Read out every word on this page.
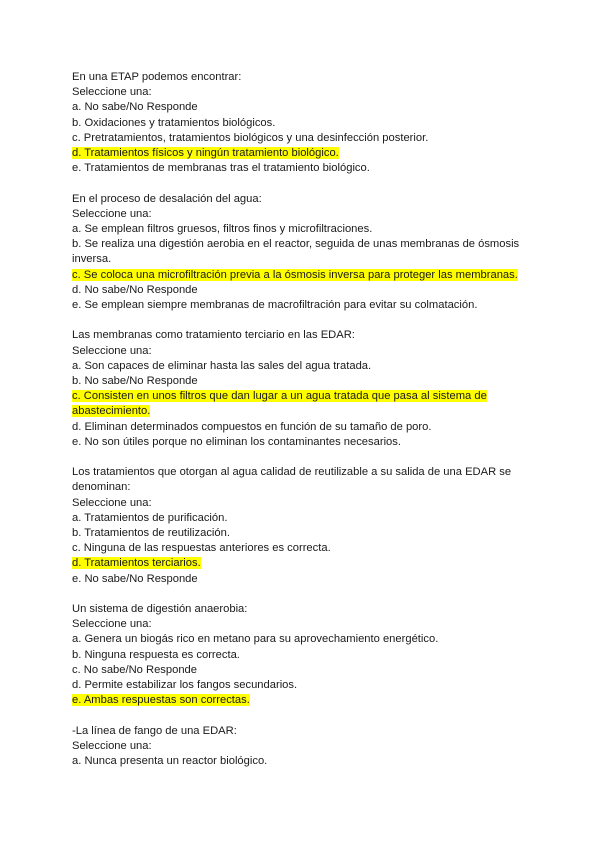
En una ETAP podemos encontrar:
Seleccione una:
a. No sabe/No Responde
b. Oxidaciones y tratamientos biológicos.
c. Pretratamientos, tratamientos biológicos y una desinfección posterior.
d. Tratamientos físicos y ningún tratamiento biológico.
e. Tratamientos de membranas tras el tratamiento biológico.
En el proceso de desalación del agua:
Seleccione una:
a. Se emplean filtros gruesos, filtros finos y microfiltraciones.
b. Se realiza una digestión aerobia en el reactor, seguida de unas membranas de ósmosis inversa.
c. Se coloca una microfiltración previa a la ósmosis inversa para proteger las membranas.
d. No sabe/No Responde
e. Se emplean siempre membranas de macrofiltración para evitar su colmatación.
Las membranas como tratamiento terciario en las EDAR:
Seleccione una:
a. Son capaces de eliminar hasta las sales del agua tratada.
b. No sabe/No Responde
c. Consisten en unos filtros que dan lugar a un agua tratada que pasa al sistema de abastecimiento.
d. Eliminan determinados compuestos en función de su tamaño de poro.
e. No son útiles porque no eliminan los contaminantes necesarios.
Los tratamientos que otorgan al agua calidad de reutilizable a su salida de una EDAR se denominan:
Seleccione una:
a. Tratamientos de purificación.
b. Tratamientos de reutilización.
c. Ninguna de las respuestas anteriores es correcta.
d. Tratamientos terciarios.
e. No sabe/No Responde
Un sistema de digestión anaerobia:
Seleccione una:
a. Genera un biogás rico en metano para su aprovechamiento energético.
b. Ninguna respuesta es correcta.
c. No sabe/No Responde
d. Permite estabilizar los fangos secundarios.
e. Ambas respuestas son correctas.
-La línea de fango de una EDAR:
Seleccione una:
a. Nunca presenta un reactor biológico.
